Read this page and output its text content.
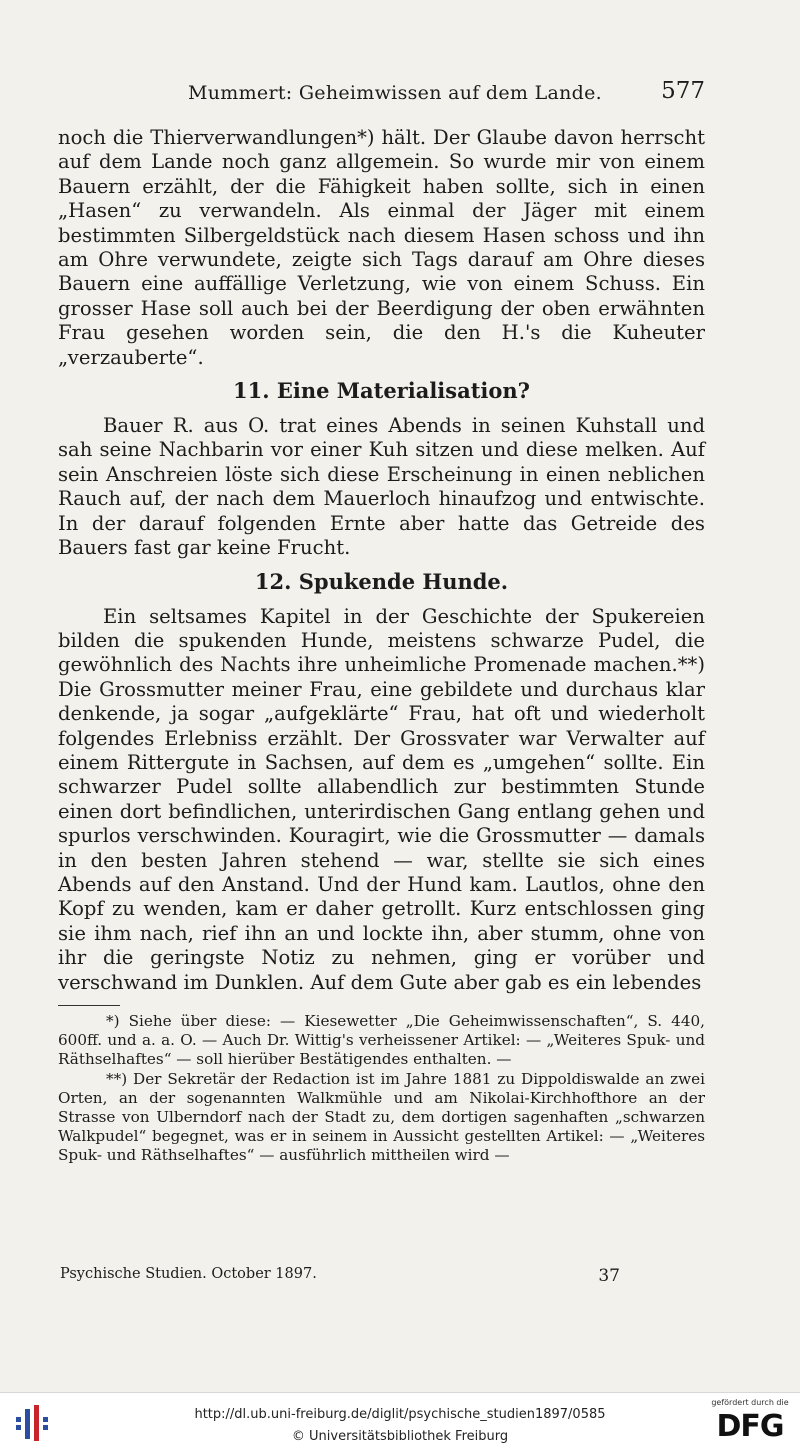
Mummert: Geheimwissen auf dem Lande.	577

noch die Thierverwandlungen*) hält. Der Glaube davon herrscht auf dem Lande noch ganz allgemein. So wurde mir von einem Bauern erzählt, der die Fähigkeit haben sollte, sich in einen „Hasen“ zu verwandeln. Als einmal der Jäger mit einem bestimmten Silbergeldstück nach diesem Hasen schoss und ihn am Ohre verwundete, zeigte sich Tags darauf am Ohre dieses Bauern eine auffällige Verletzung, wie von einem Schuss. Ein grosser Hase soll auch bei der Beerdigung der oben erwähnten Frau gesehen worden sein, die den H.'s die Kuheuter „verzauberte“.

11. Eine Materialisation?

Bauer R. aus O. trat eines Abends in seinen Kuhstall und sah seine Nachbarin vor einer Kuh sitzen und diese melken. Auf sein Anschreien löste sich diese Erscheinung in einen neblichen Rauch auf, der nach dem Mauerloch hinaufzog und entwischte. In der darauf folgenden Ernte aber hatte das Getreide des Bauers fast gar keine Frucht.

12. Spukende Hunde.

Ein seltsames Kapitel in der Geschichte der Spukereien bilden die spukenden Hunde, meistens schwarze Pudel, die gewöhnlich des Nachts ihre unheimliche Promenade machen.**) Die Grossmutter meiner Frau, eine gebildete und durchaus klar denkende, ja sogar „aufgeklärte“ Frau, hat oft und wiederholt folgendes Erlebniss erzählt. Der Grossvater war Verwalter auf einem Rittergute in Sachsen, auf dem es „umgehen“ sollte. Ein schwarzer Pudel sollte allabendlich zur bestimmten Stunde einen dort befindlichen, unterirdischen Gang entlang gehen und spurlos verschwinden. Kouragirt, wie die Grossmutter — damals in den besten Jahren stehend — war, stellte sie sich eines Abends auf den Anstand. Und der Hund kam. Lautlos, ohne den Kopf zu wenden, kam er daher getrollt. Kurz entschlossen ging sie ihm nach, rief ihn an und lockte ihn, aber stumm, ohne von ihr die geringste Notiz zu nehmen, ging er vorüber und verschwand im Dunklen. Auf dem Gute aber gab es ein lebendes

*) Siehe über diese: — Kiesewetter „Die Geheimwissenschaften“, S. 440, 600ff. und a. a. O. — Auch Dr. Wittig's verheissener Artikel: — „Weiteres Spuk- und Räthselhaftes“ — soll hierüber Bestätigendes enthalten. —

**) Der Sekretär der Redaction ist im Jahre 1881 zu Dippoldiswalde an zwei Orten, an der sogenannten Walkmühle und am Nikolai-Kirchhofthore an der Strasse von Ulberndorf nach der Stadt zu, dem dortigen sagenhaften „schwarzen Walkpudel“ begegnet, was er in seinem in Aussicht gestellten Artikel: — „Weiteres Spuk- und Räthselhaftes“ — ausführlich mittheilen wird —

Psychische Studien. October 1897.	37
http://dl.ub.uni-freiburg.de/diglit/psychische_studien1897/0585
© Universitätsbibliothek Freiburg
gefördert durch die
DFG
